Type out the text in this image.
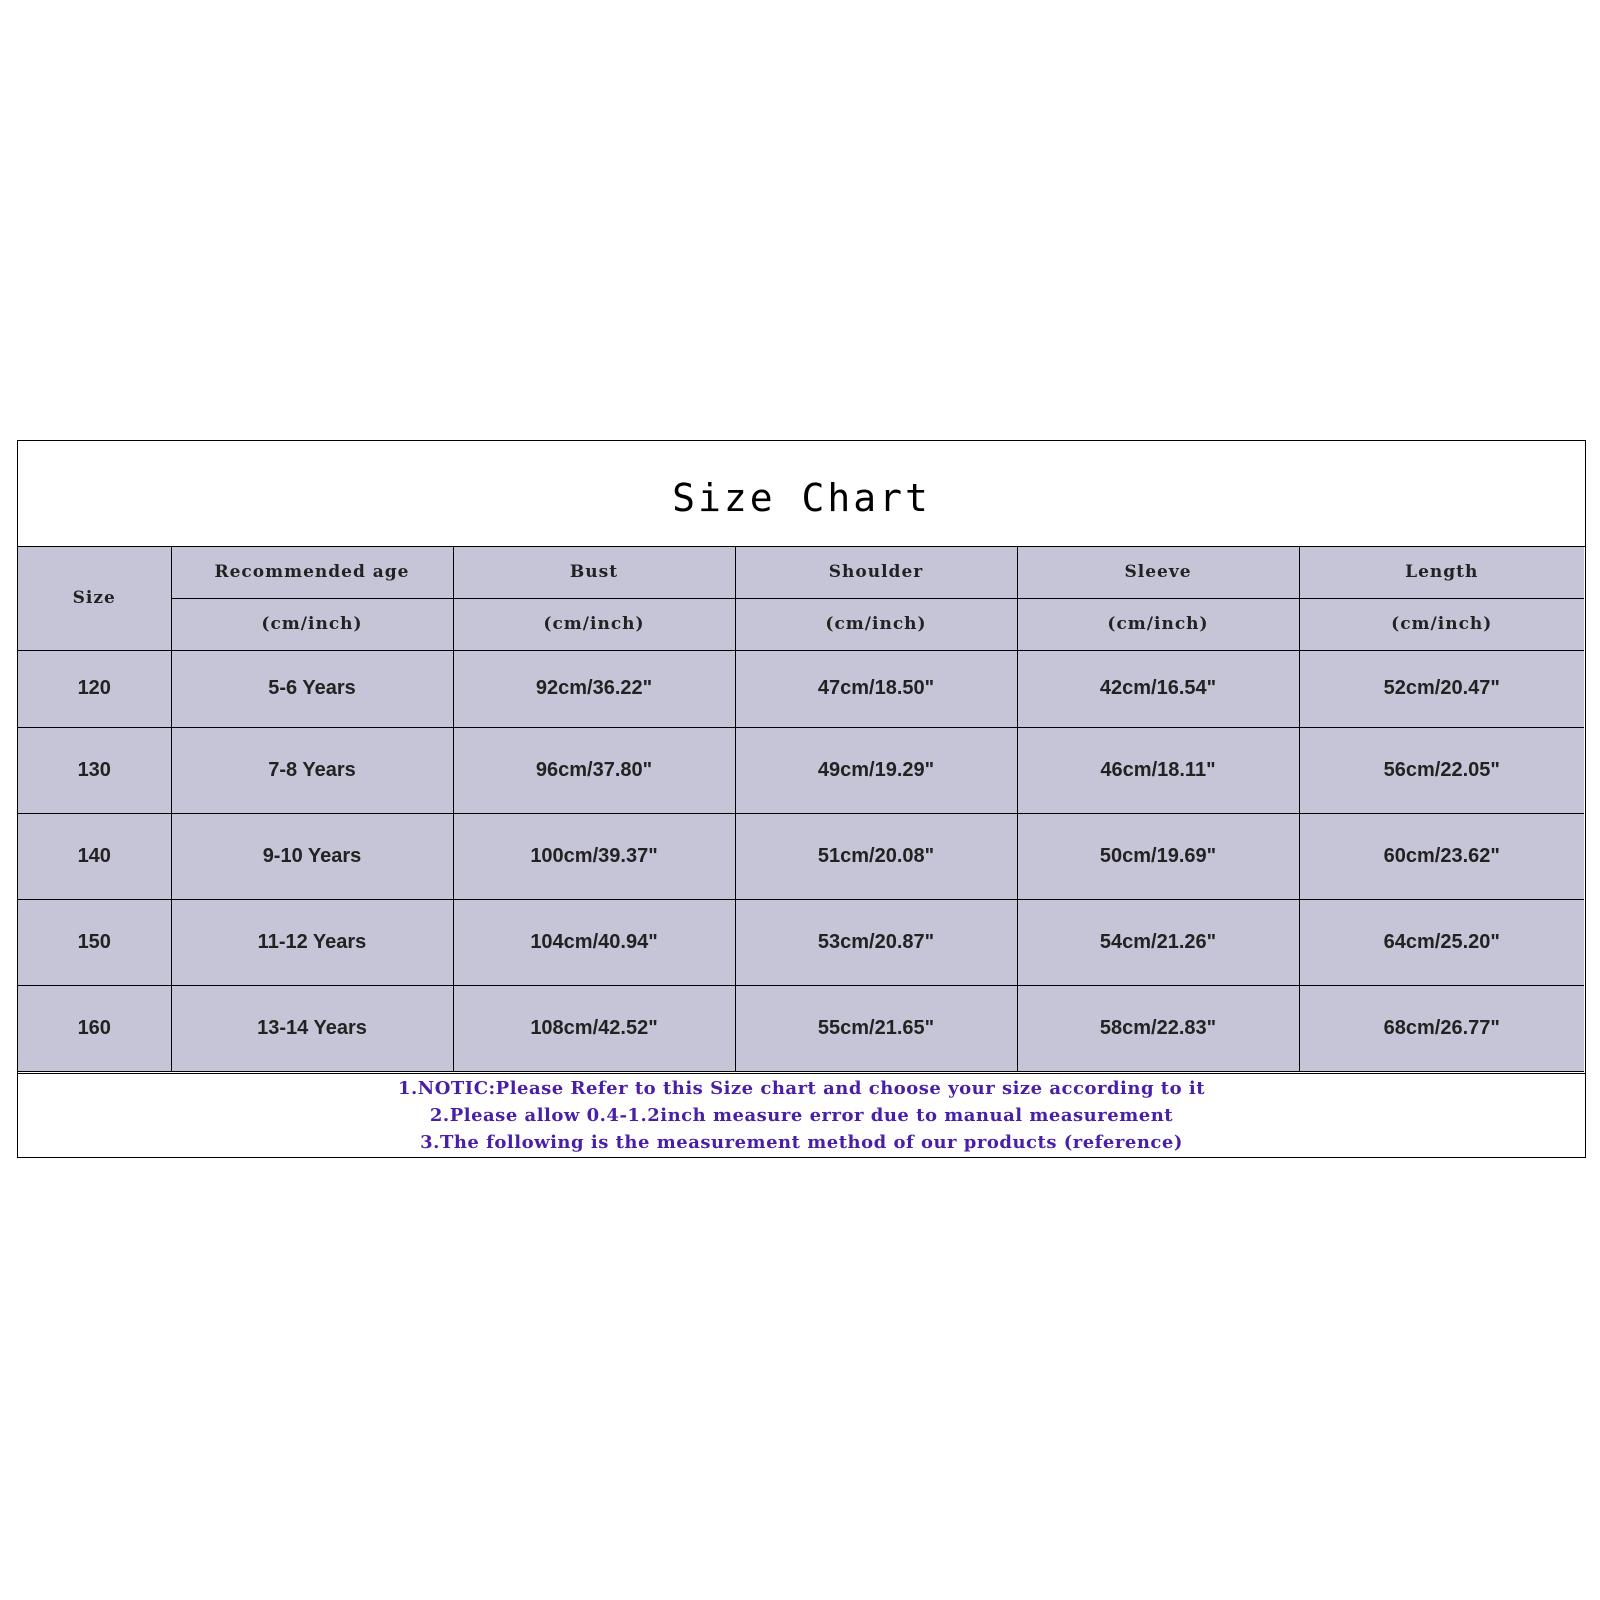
Size Chart
Size	Recommended age	Bust	Shoulder	Sleeve	Length
	(cm/inch)	(cm/inch)	(cm/inch)	(cm/inch)	(cm/inch)
120	5-6 Years	92cm/36.22"	47cm/18.50"	42cm/16.54"	52cm/20.47"
130	7-8 Years	96cm/37.80"	49cm/19.29"	46cm/18.11"	56cm/22.05"
140	9-10 Years	100cm/39.37"	51cm/20.08"	50cm/19.69"	60cm/23.62"
150	11-12 Years	104cm/40.94"	53cm/20.87"	54cm/21.26"	64cm/25.20"
160	13-14 Years	108cm/42.52"	55cm/21.65"	58cm/22.83"	68cm/26.77"
1.NOTIC:Please Refer to this Size chart and choose your size according to it
2.Please allow 0.4-1.2inch measure error due to manual measurement
3.The following is the measurement method of our products (reference)
